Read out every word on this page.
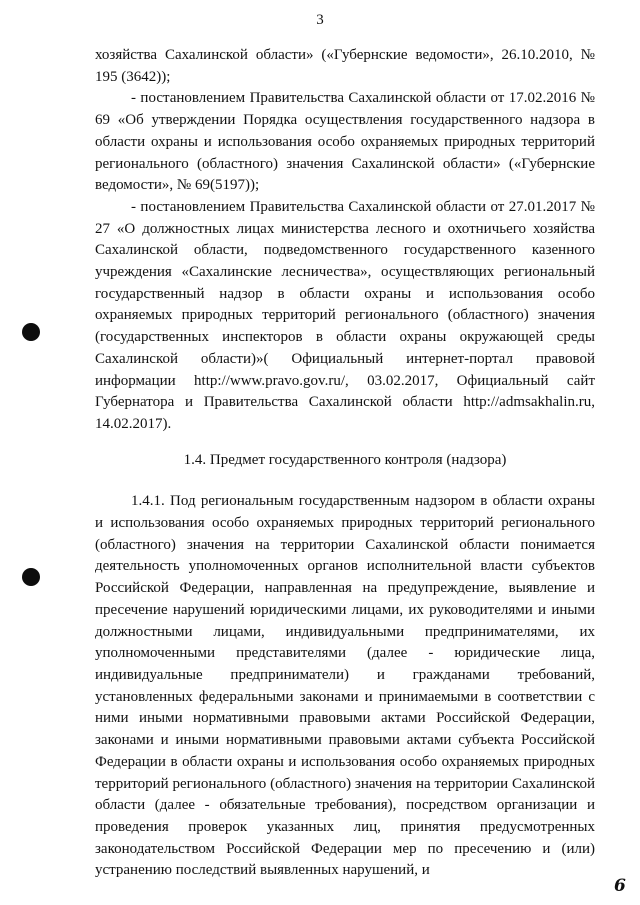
3

хозяйства Сахалинской области» («Губернские ведомости», 26.10.2010, № 195 (3642));

- постановлением Правительства Сахалинской области от 17.02.2016 № 69 «Об утверждении Порядка осуществления государственного надзора в области охраны и использования особо охраняемых природных территорий регионального (областного) значения Сахалинской области» («Губернские ведомости», № 69(5197));

- постановлением Правительства Сахалинской области от 27.01.2017 № 27 «О должностных лицах министерства лесного и охотничьего хозяйства Сахалинской области, подведомственного государственного казенного учреждения «Сахалинские лесничества», осуществляющих региональный государственный надзор в области охраны и использования особо охраняемых природных территорий регионального (областного) значения (государственных инспекторов в области охраны окружающей среды Сахалинской области)»( Официальный интернет-портал правовой информации http://www.pravo.gov.ru/, 03.02.2017, Официальный сайт Губернатора и Правительства Сахалинской области http://admsakhalin.ru, 14.02.2017).

1.4. Предмет государственного контроля (надзора)

1.4.1. Под региональным государственным надзором в области охраны и использования особо охраняемых природных территорий регионального (областного) значения на территории Сахалинской области понимается деятельность уполномоченных органов исполнительной власти субъектов Российской Федерации, направленная на предупреждение, выявление и пресечение нарушений юридическими лицами, их руководителями и иными должностными лицами, индивидуальными предпринимателями, их уполномоченными представителями (далее - юридические лица, индивидуальные предприниматели) и гражданами требований, установленных федеральными законами и принимаемыми в соответствии с ними иными нормативными правовыми актами Российской Федерации, законами и иными нормативными правовыми актами субъекта Российской Федерации в области охраны и использования особо охраняемых природных территорий регионального (областного) значения на территории Сахалинской области (далее - обязательные требования), посредством организации и проведения проверок указанных лиц, принятия предусмотренных законодательством Российской Федерации мер по пресечению и (или) устранению последствий выявленных нарушений, и

6
